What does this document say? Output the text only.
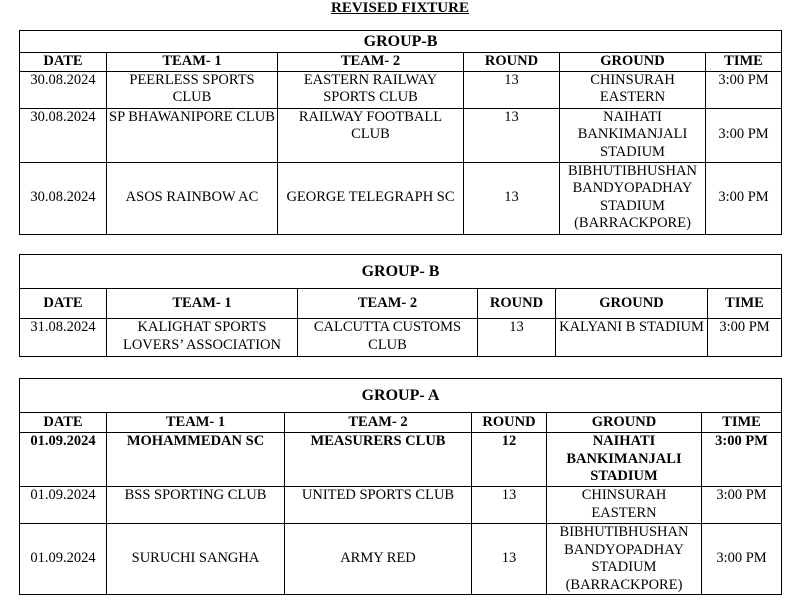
REVISED FIXTURE
GROUP-B					
DATE	TEAM- 1	TEAM- 2	ROUND	GROUND	TIME
30.08.2024	PEERLESS SPORTS CLUB	EASTERN RAILWAY SPORTS CLUB	13	CHINSURAH EASTERN	3:00 PM
30.08.2024	SP BHAWANIPORE CLUB	RAILWAY FOOTBALL CLUB	13	NAIHATI BANKIMANJALI STADIUM	3:00 PM
30.08.2024	ASOS RAINBOW AC	GEORGE TELEGRAPH SC	13	BIBHUTIBHUSHAN BANDYOPADHAY STADIUM (BARRACKPORE)	3:00 PM
GROUP- B					
DATE	TEAM- 1	TEAM- 2	ROUND	GROUND	TIME
31.08.2024	KALIGHAT SPORTS LOVERS’ ASSOCIATION	CALCUTTA CUSTOMS CLUB	13	KALYANI B STADIUM	3:00 PM
GROUP- A					
DATE	TEAM- 1	TEAM- 2	ROUND	GROUND	TIME
01.09.2024	MOHAMMEDAN SC	MEASURERS CLUB	12	NAIHATI BANKIMANJALI STADIUM	3:00 PM
01.09.2024	BSS SPORTING CLUB	UNITED SPORTS CLUB	13	CHINSURAH EASTERN	3:00 PM
01.09.2024	SURUCHI SANGHA	ARMY RED	13	BIBHUTIBHUSHAN BANDYOPADHAY STADIUM (BARRACKPORE)	3:00 PM
